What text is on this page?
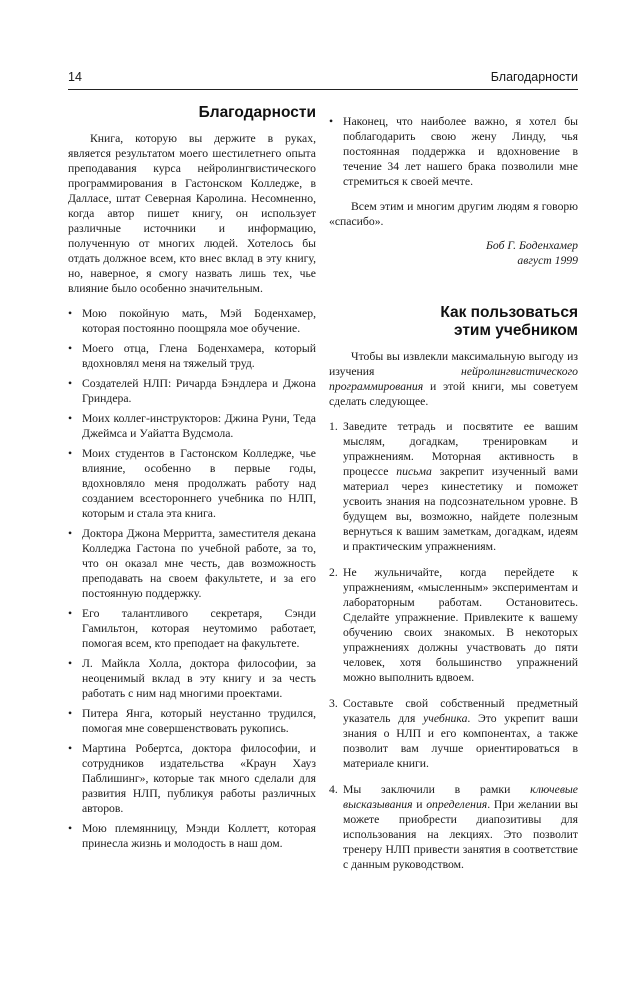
14	Благодарности
Благодарности

Книга, которую вы держите в руках, является результатом моего шестилетнего опыта преподавания курса нейролингвистического программирования в Гастонском Колледже, в Далласе, штат Северная Каролина. Несомненно, когда автор пишет книгу, он использует различные источники и информацию, полученную от многих людей. Хотелось бы отдать должное всем, кто внес вклад в эту книгу, но, наверное, я смогу назвать лишь тех, чье влияние было особенно значительным.

• Мою покойную мать, Мэй Боденхамер, которая постоянно поощряла мое обучение.
• Моего отца, Глена Боденхамера, который вдохновлял меня на тяжелый труд.
• Создателей НЛП: Ричарда Бэндлера и Джона Гриндера.
• Моих коллег-инструкторов: Джина Руни, Теда Джеймса и Уайатта Вудсмола.
• Моих студентов в Гастонском Колледже, чье влияние, особенно в первые годы, вдохновляло меня продолжать работу над созданием всестороннего учебника по НЛП, которым и стала эта книга.
• Доктора Джона Мерритта, заместителя декана Колледжа Гастона по учебной работе, за то, что он оказал мне честь, дав возможность преподавать на своем факультете, и за его постоянную поддержку.
• Его талантливого секретаря, Сэнди Гамильтон, которая неутомимо работает, помогая всем, кто преподает на факультете.
• Л. Майкла Холла, доктора философии, за неоценимый вклад в эту книгу и за честь работать с ним над многими проектами.
• Питера Янга, который неустанно трудился, помогая мне совершенствовать рукопись.
• Мартина Робертса, доктора философии, и сотрудников издательства «Краун Хауз Паблишинг», которые так много сделали для развития НЛП, публикуя работы различных авторов.
• Мою племянницу, Мэнди Коллетт, которая принесла жизнь и молодость в наш дом.
• Наконец, что наиболее важно, я хотел бы поблагодарить свою жену Линду, чья постоянная поддержка и вдохновение в течение 34 лет нашего брака позволили мне стремиться к своей мечте.

Всем этим и многим другим людям я говорю «спасибо».

Боб Г. Боденхамер
август 1999
Как пользоваться
этим учебником

Чтобы вы извлекли максимальную выгоду из изучения нейролингвистического программирования и этой книги, мы советуем сделать следующее.

1. Заведите тетрадь и посвятите ее вашим мыслям, догадкам, тренировкам и упражнениям. Моторная активность в процессе письма закрепит изученный вами материал через кинестетику и поможет усвоить знания на подсознательном уровне. В будущем вы, возможно, найдете полезным вернуться к вашим заметкам, догадкам, идеям и практическим упражнениям.
2. Не жульничайте, когда перейдете к упражнениям, «мысленным» экспериментам и лабораторным работам. Остановитесь. Сделайте упражнение. Привлеките к вашему обучению своих знакомых. В некоторых упражнениях должны участвовать до пяти человек, хотя большинство упражнений можно выполнить вдвоем.
3. Составьте свой собственный предметный указатель для учебника. Это укрепит ваши знания о НЛП и его компонентах, а также позволит вам лучше ориентироваться в материале книги.
4. Мы заключили в рамки ключевые высказывания и определения. При желании вы можете приобрести диапозитивы для использования на лекциях. Это позволит тренеру НЛП привести занятия в соответствие с данным руководством.
